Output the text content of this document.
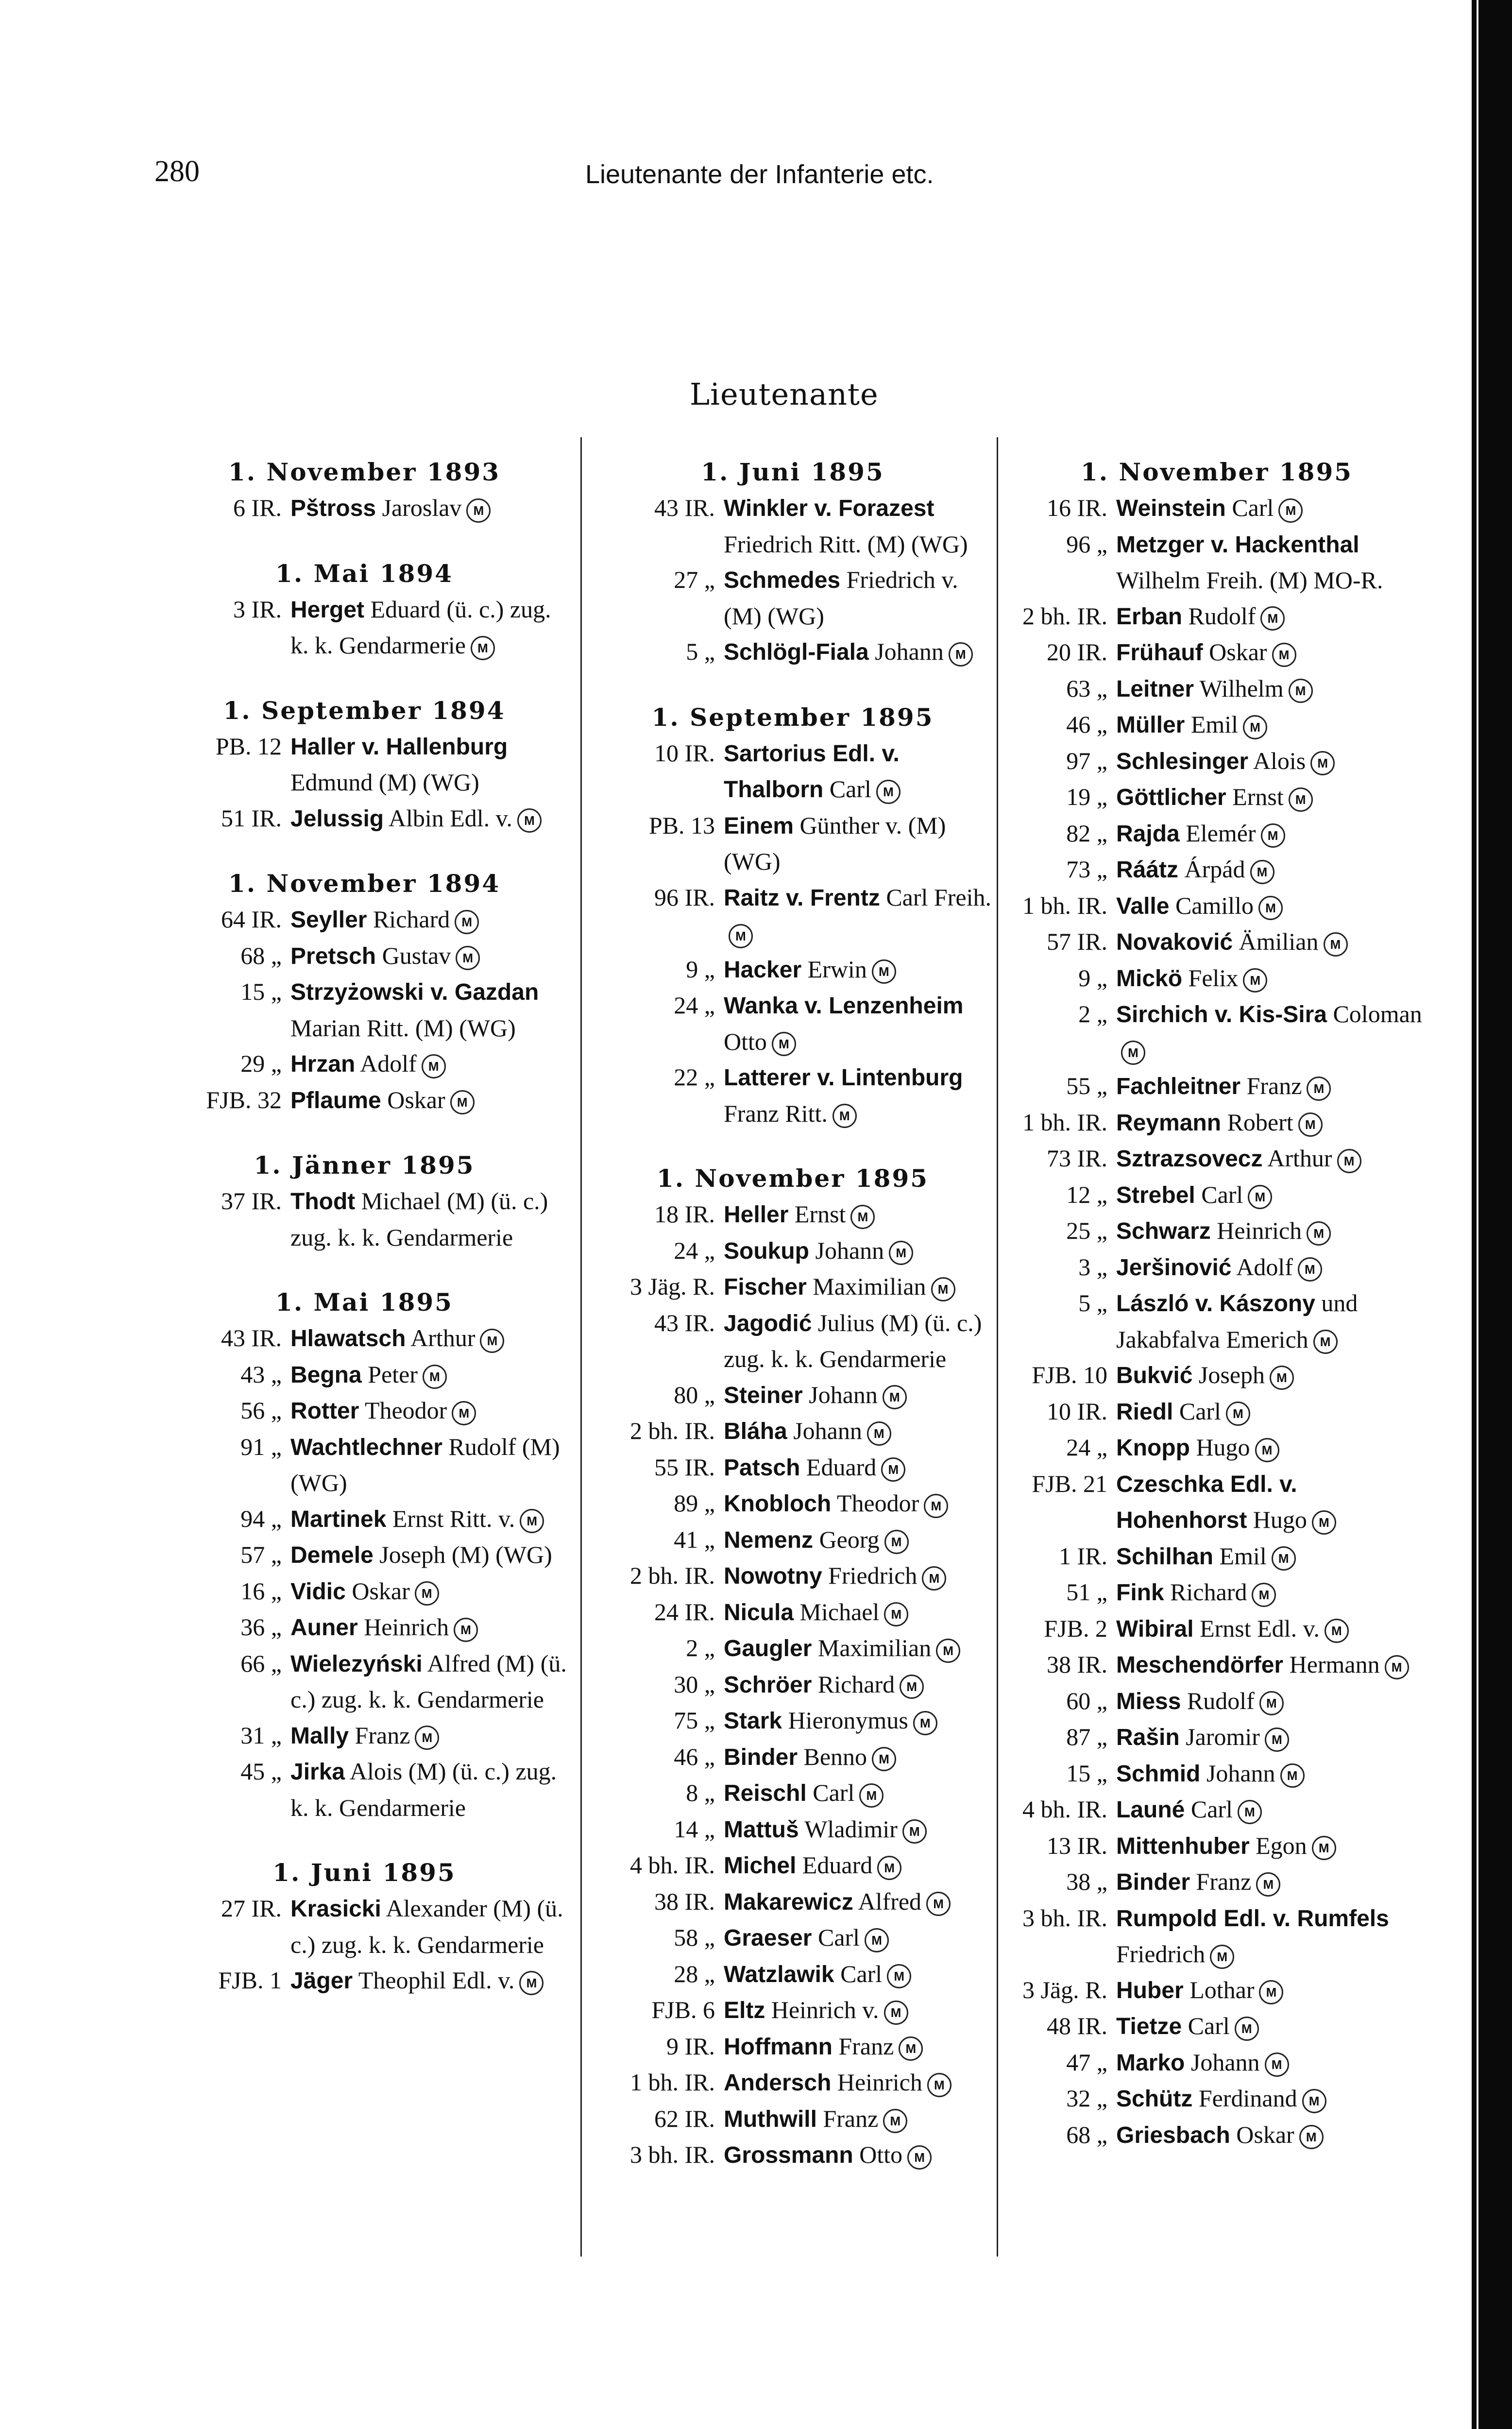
280	Lieutenante der Infanterie etc.
Lieutenante
1. November 1893
6 IR. Pštross Jaroslav M
1. Mai 1894
3 IR. Herget Eduard (ü. c.) zug. k. k. Gendarmerie M
1. September 1894
PB. 12 Haller v. Hallenburg Edmund (M) (WG)
51 IR. Jelussig Albin Edl. v. M
1. November 1894
64 IR. Seyller Richard M
68 „ Pretsch Gustav M
15 „ Strzyżowski v. Gazdan Marian Ritt. (M) (WG)
29 „ Hrzan Adolf M
FJB. 32 Pflaume Oskar M
1. Jänner 1895
37 IR. Thodt Michael (M) (ü. c.) zug. k. k. Gendarmerie
1. Mai 1895
43 IR. Hlawatsch Arthur M
43 „ Begna Peter M
56 „ Rotter Theodor M
91 „ Wachtlechner Rudolf (M) (WG)
94 „ Martinek Ernst Ritt. v. M
57 „ Demele Joseph (M) (WG)
16 „ Vidic Oskar M
36 „ Auner Heinrich M
66 „ Wielezyński Alfred (M) (ü. c.) zug. k. k. Gendarmerie
31 „ Mally Franz M
45 „ Jirka Alois (M) (ü. c.) zug. k. k. Gendarmerie
1. Juni 1895
27 IR. Krasicki Alexander (M) (ü. c.) zug. k. k. Gendarmerie
FJB. 1 Jäger Theophil Edl. v. M
1. Juni 1895
43 IR. Winkler v. Forazest Friedrich Ritt. (M) (WG)
27 „ Schmedes Friedrich v. (M) (WG)
5 „ Schlögl-Fiala Johann M
1. September 1895
10 IR. Sartorius Edl. v. Thalborn Carl M
PB. 13 Einem Günther v. (M) (WG)
96 IR. Raitz v. Frentz Carl Freih.M
9 „ Hacker Erwin M
24 „ Wanka v. Lenzenheim Otto M
22 „ Latterer v. Lintenburg Franz Ritt. M
1. November 1895
18 IR. Heller Ernst M
24 „ Soukup Johann M
3 Jäg. R. Fischer Maximilian M
43 IR. Jagodić Julius (M) (ü. c.) zug. k. k. Gendarmerie
80 „ Steiner Johann M
2 bh. IR. Bláha Johann M
55 IR. Patsch Eduard M
89 „ Knobloch Theodor M
41 „ Nemenz Georg M
2 bh. IR. Nowotny Friedrich M
24 IR. Nicula Michael M
2 „ Gaugler Maximilian M
30 „ Schröer Richard M
75 „ Stark Hieronymus M
46 „ Binder Benno M
8 „ Reischl Carl M
14 „ Mattuš Wladimir M
4 bh. IR. Michel Eduard M
38 IR. Makarewicz Alfred M
58 „ Graeser Carl M
28 „ Watzlawik Carl M
FJB. 6 Eltz Heinrich v. M
9 IR. Hoffmann Franz M
1 bh. IR. Andersch Heinrich M
62 IR. Muthwill Franz M
3 bh. IR. Grossmann Otto M
1. November 1895
16 IR. Weinstein Carl M
96 „ Metzger v. Hackenthal Wilhelm Freih. (M) MO-R.
2 bh. IR. Erban Rudolf M
20 IR. Frühauf Oskar M
63 „ Leitner Wilhelm M
46 „ Müller Emil M
97 „ Schlesinger Alois M
19 „ Göttlicher Ernst M
82 „ Rajda Elemér M
73 „ Ráátz Árpád M
1 bh. IR. Valle Camillo M
57 IR. Novaković Ämilian M
9 „ Mickö Felix M
2 „ Sirchich v. Kis-Sira ColomanM
55 „ Fachleitner Franz M
1 bh. IR. Reymann Robert M
73 IR. Sztrazsovecz Arthur M
12 „ Strebel Carl M
25 „ Schwarz Heinrich M
3 „ Jeršinović Adolf M
5 „ László v. Kászony und Jakabfalva Emerich M
FJB. 10 Bukvić Joseph M
10 IR. Riedl Carl M
24 „ Knopp Hugo M
FJB. 21 Czeschka Edl. v. Hohenhorst Hugo M
1 IR. Schilhan Emil M
51 „ Fink Richard M
FJB. 2 Wibiral Ernst Edl. v. M
38 IR. Meschendörfer Hermann M
60 „ Miess Rudolf M
87 „ Rašin Jaromir M
15 „ Schmid Johann M
4 bh. IR. Launé Carl M
13 IR. Mittenhuber Egon M
38 „ Binder Franz M
3 bh. IR. Rumpold Edl. v. Rumfels Friedrich M
3 Jäg. R. Huber Lothar M
48 IR. Tietze Carl M
47 „ Marko Johann M
32 „ Schütz Ferdinand M
68 „ Griesbach Oskar M
